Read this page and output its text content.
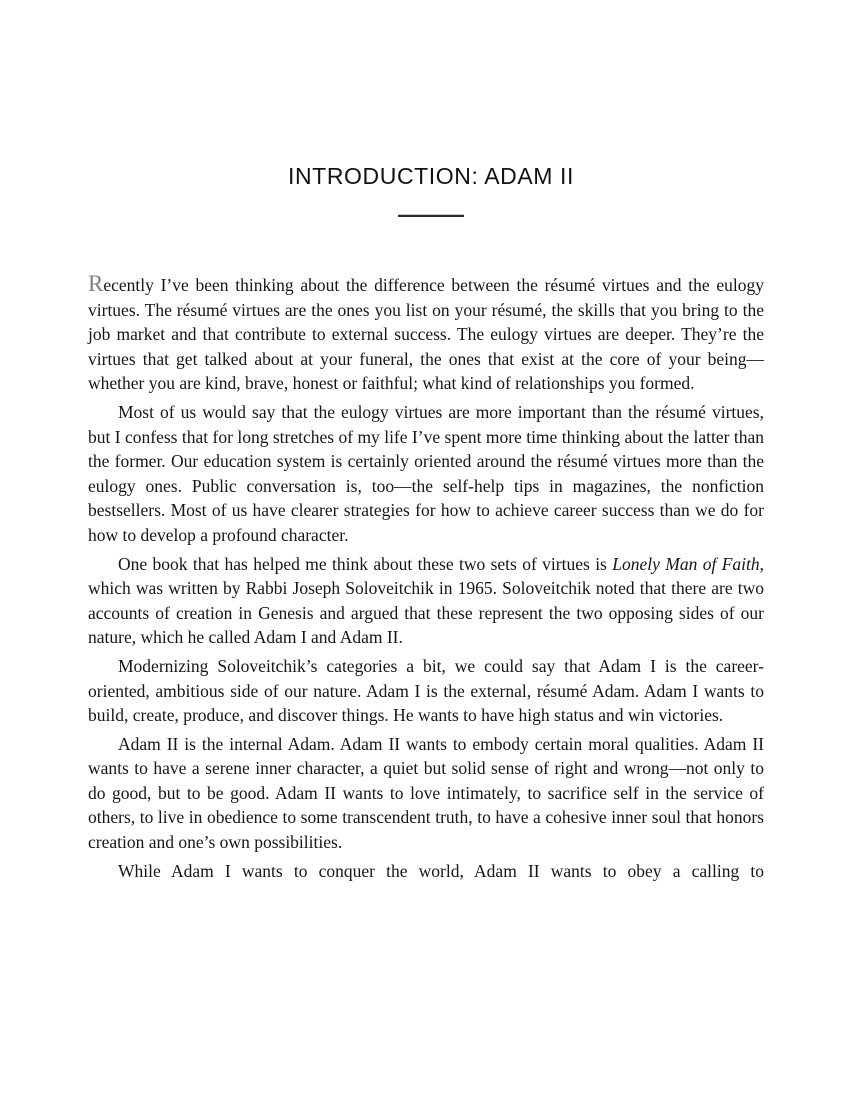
INTRODUCTION: ADAM II

Recently I’ve been thinking about the difference between the résumé virtues and the eulogy virtues. The résumé virtues are the ones you list on your résumé, the skills that you bring to the job market and that contribute to external success. The eulogy virtues are deeper. They’re the virtues that get talked about at your funeral, the ones that exist at the core of your being—whether you are kind, brave, honest or faithful; what kind of relationships you formed.

Most of us would say that the eulogy virtues are more important than the résumé virtues, but I confess that for long stretches of my life I’ve spent more time thinking about the latter than the former. Our education system is certainly oriented around the résumé virtues more than the eulogy ones. Public conversation is, too—the self-help tips in magazines, the nonfiction bestsellers. Most of us have clearer strategies for how to achieve career success than we do for how to develop a profound character.

One book that has helped me think about these two sets of virtues is Lonely Man of Faith, which was written by Rabbi Joseph Soloveitchik in 1965. Soloveitchik noted that there are two accounts of creation in Genesis and argued that these represent the two opposing sides of our nature, which he called Adam I and Adam II.

Modernizing Soloveitchik’s categories a bit, we could say that Adam I is the career-oriented, ambitious side of our nature. Adam I is the external, résumé Adam. Adam I wants to build, create, produce, and discover things. He wants to have high status and win victories.

Adam II is the internal Adam. Adam II wants to embody certain moral qualities. Adam II wants to have a serene inner character, a quiet but solid sense of right and wrong—not only to do good, but to be good. Adam II wants to love intimately, to sacrifice self in the service of others, to live in obedience to some transcendent truth, to have a cohesive inner soul that honors creation and one’s own possibilities.

While Adam I wants to conquer the world, Adam II wants to obey a calling to
